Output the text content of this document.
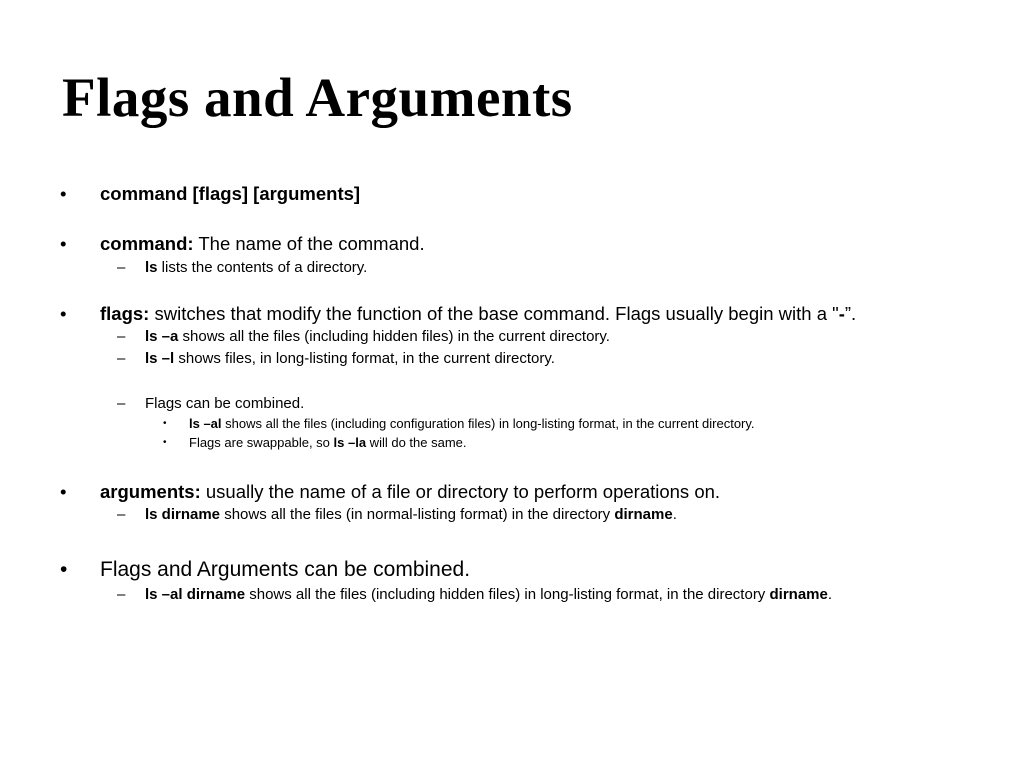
Flags and Arguments
• command [flags] [arguments]
• command: The name of the command.
– ls lists the contents of a directory.
• flags: switches that modify the function of the base command. Flags usually begin with a "-”.
– ls –a shows all the files (including hidden files) in the current directory.
– ls –l shows files, in long-listing format, in the current directory.
– Flags can be combined.
• ls –al shows all the files (including configuration files) in long-listing format, in the current directory.
• Flags are swappable, so ls –la will do the same.
• arguments: usually the name of a file or directory to perform operations on.
– ls dirname shows all the files (in normal-listing format) in the directory dirname.
• Flags and Arguments can be combined.
– ls –al dirname shows all the files (including hidden files) in long-listing format, in the directory dirname.
